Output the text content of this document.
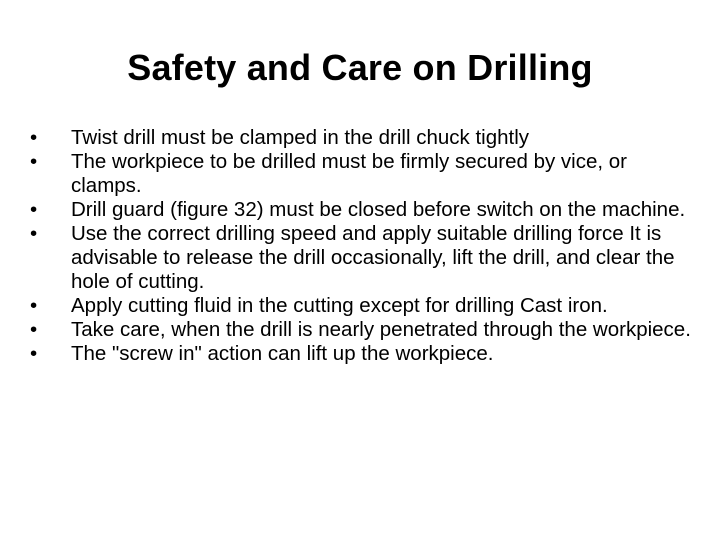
Safety and Care on Drilling
•	Twist drill must be clamped in the drill chuck tightly
•	The workpiece to be drilled must be firmly secured by vice, or clamps.
•	Drill guard (figure 32) must be closed before switch on the machine.
•	Use the correct drilling speed and apply suitable drilling force It is advisable to release the drill occasionally, lift the drill, and clear the hole of cutting.
•	Apply cutting fluid in the cutting except for drilling Cast iron.
•	Take care, when the drill is nearly penetrated through the workpiece.
•	The "screw in" action can lift up the workpiece.
